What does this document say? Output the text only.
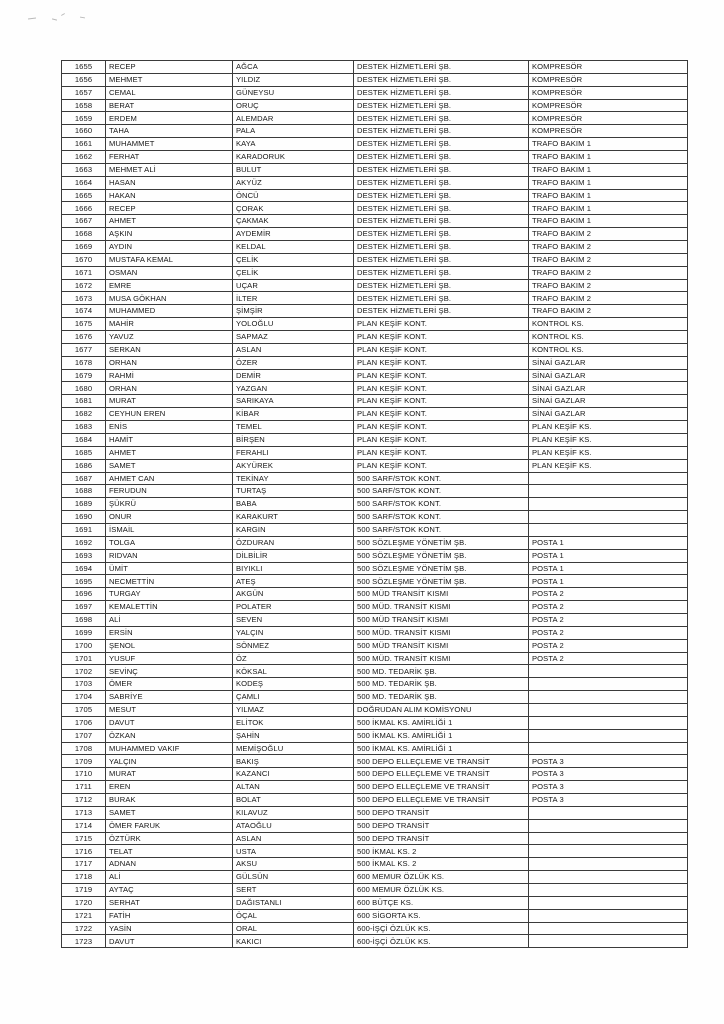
1655	RECEP	AĞCA	DESTEK HİZMETLERİ ŞB.	KOMPRESÖR
1656	MEHMET	YILDIZ	DESTEK HİZMETLERİ ŞB.	KOMPRESÖR
1657	CEMAL	GÜNEYSU	DESTEK HİZMETLERİ ŞB.	KOMPRESÖR
1658	BERAT	ORUÇ	DESTEK HİZMETLERİ ŞB.	KOMPRESÖR
1659	ERDEM	ALEMDAR	DESTEK HİZMETLERİ ŞB.	KOMPRESÖR
1660	TAHA	PALA	DESTEK HİZMETLERİ ŞB.	KOMPRESÖR
1661	MUHAMMET	KAYA	DESTEK HİZMETLERİ ŞB.	TRAFO BAKIM 1
1662	FERHAT	KARADORUK	DESTEK HİZMETLERİ ŞB.	TRAFO BAKIM 1
1663	MEHMET ALİ	BULUT	DESTEK HİZMETLERİ ŞB.	TRAFO BAKIM 1
1664	HASAN	AKYÜZ	DESTEK HİZMETLERİ ŞB.	TRAFO BAKIM 1
1665	HAKAN	ÖNCÜ	DESTEK HİZMETLERİ ŞB.	TRAFO BAKIM 1
1666	RECEP	ÇORAK	DESTEK HİZMETLERİ ŞB.	TRAFO BAKIM 1
1667	AHMET	ÇAKMAK	DESTEK HİZMETLERİ ŞB.	TRAFO BAKIM 1
1668	AŞKIN	AYDEMİR	DESTEK HİZMETLERİ ŞB.	TRAFO BAKIM 2
1669	AYDIN	KELDAL	DESTEK HİZMETLERİ ŞB.	TRAFO BAKIM 2
1670	MUSTAFA KEMAL	ÇELİK	DESTEK HİZMETLERİ ŞB.	TRAFO BAKIM 2
1671	OSMAN	ÇELİK	DESTEK HİZMETLERİ ŞB.	TRAFO BAKIM 2
1672	EMRE	UÇAR	DESTEK HİZMETLERİ ŞB.	TRAFO BAKIM 2
1673	MUSA GÖKHAN	İLTER	DESTEK HİZMETLERİ ŞB.	TRAFO BAKIM 2
1674	MUHAMMED	ŞİMŞİR	DESTEK HİZMETLERİ ŞB.	TRAFO BAKIM 2
1675	MAHİR	YOLOĞLU	PLAN KEŞİF KONT.	KONTROL KS.
1676	YAVUZ	SAPMAZ	PLAN KEŞİF KONT.	KONTROL KS.
1677	SERKAN	ASLAN	PLAN KEŞİF KONT.	KONTROL KS.
1678	ORHAN	ÖZER	PLAN KEŞİF KONT.	SİNAİ GAZLAR
1679	RAHMİ	DEMİR	PLAN KEŞİF KONT.	SİNAİ GAZLAR
1680	ORHAN	YAZGAN	PLAN KEŞİF KONT.	SİNAİ GAZLAR
1681	MURAT	SARIKAYA	PLAN KEŞİF KONT.	SİNAİ GAZLAR
1682	CEYHUN EREN	KİBAR	PLAN KEŞİF KONT.	SİNAİ GAZLAR
1683	ENİS	TEMEL	PLAN KEŞİF KONT.	PLAN KEŞİF KS.
1684	HAMİT	BİRŞEN	PLAN KEŞİF KONT.	PLAN KEŞİF KS.
1685	AHMET	FERAHLI	PLAN KEŞİF KONT.	PLAN KEŞİF KS.
1686	SAMET	AKYÜREK	PLAN KEŞİF KONT.	PLAN KEŞİF KS.
1687	AHMET CAN	TEKİNAY	500 SARF/STOK KONT.	
1688	FERUDUN	TURTAŞ	500 SARF/STOK KONT.	
1689	ŞÜKRÜ	BABA	500 SARF/STOK KONT.	
1690	ONUR	KARAKURT	500 SARF/STOK KONT.	
1691	İSMAİL	KARGIN	500 SARF/STOK KONT.	
1692	TOLGA	ÖZDURAN	500 SÖZLEŞME YÖNETİM ŞB.	POSTA 1
1693	RIDVAN	DİLBİLİR	500 SÖZLEŞME YÖNETİM ŞB.	POSTA 1
1694	ÜMİT	BIYIKLI	500 SÖZLEŞME YÖNETİM ŞB.	POSTA 1
1695	NECMETTİN	ATEŞ	500 SÖZLEŞME YÖNETİM ŞB.	POSTA 1
1696	TURGAY	AKGÜN	500 MÜD TRANSİT KISMI	POSTA 2
1697	KEMALETTİN	POLATER	500 MÜD. TRANSİT KISMI	POSTA 2
1698	ALİ	SEVEN	500 MÜD TRANSİT KISMI	POSTA 2
1699	ERSİN	YALÇIN	500 MÜD. TRANSİT KISMI	POSTA 2
1700	ŞENOL	SÖNMEZ	500 MÜD TRANSİT KISMI	POSTA 2
1701	YUSUF	ÖZ	500 MÜD. TRANSİT KISMI	POSTA 2
1702	SEVİNÇ	KÖKSAL	500 MD. TEDARİK ŞB.	
1703	ÖMER	KODEŞ	500 MD. TEDARİK ŞB.	
1704	SABRİYE	ÇAMLI	500 MD. TEDARİK ŞB.	
1705	MESUT	YILMAZ	DOĞRUDAN ALIM KOMİSYONU	
1706	DAVUT	ELİTOK	500 İKMAL KS. AMİRLİĞİ 1	
1707	ÖZKAN	ŞAHİN	500 İKMAL KS. AMİRLİĞİ 1	
1708	MUHAMMED VAKIF	MEMİŞOĞLU	500 İKMAL KS. AMİRLİĞİ 1	
1709	YALÇIN	BAKIŞ	500 DEPO ELLEÇLEME VE TRANSİT	POSTA 3
1710	MURAT	KAZANCI	500 DEPO ELLEÇLEME VE TRANSİT	POSTA 3
1711	EREN	ALTAN	500 DEPO ELLEÇLEME VE TRANSİT	POSTA 3
1712	BURAK	BOLAT	500 DEPO ELLEÇLEME VE TRANSİT	POSTA 3
1713	SAMET	KILAVUZ	500 DEPO TRANSİT	
1714	ÖMER FARUK	ATAOĞLU	500 DEPO TRANSİT	
1715	ÖZTÜRK	ASLAN	500 DEPO TRANSİT	
1716	TELAT	USTA	500 İKMAL KS. 2	
1717	ADNAN	AKSU	500 İKMAL KS. 2	
1718	ALİ	GÜLSÜN	600 MEMUR ÖZLÜK KS.	
1719	AYTAÇ	SERT	600 MEMUR ÖZLÜK KS.	
1720	SERHAT	DAĞISTANLI	600 BÜTÇE KS.	
1721	FATİH	ÖÇAL	600 SİGORTA KS.	
1722	YASİN	ORAL	600-İŞÇİ ÖZLÜK KS.	
1723	DAVUT	KAKICI	600-İŞÇİ ÖZLÜK KS.	
